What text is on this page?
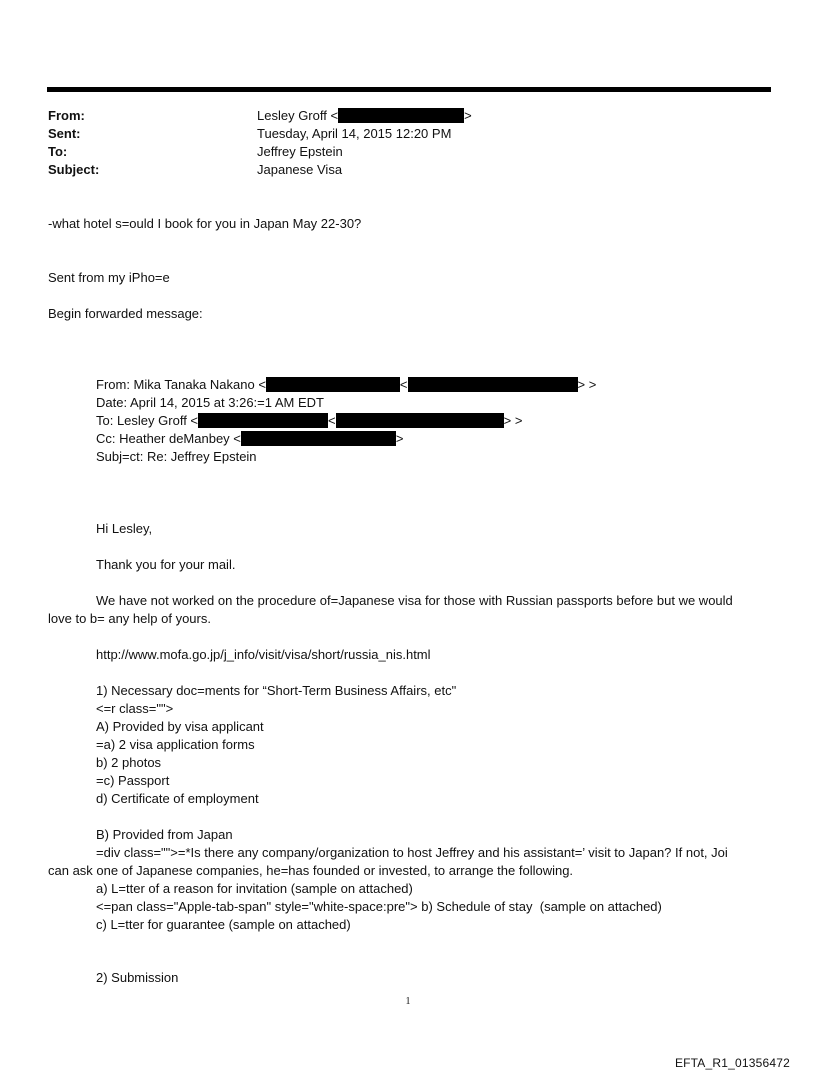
From:	Lesley Groff <	>
Sent:	Tuesday, April 14, 2015 12:20 PM
To:	Jeffrey Epstein
Subject:	Japanese Visa
-what hotel s=ould I book for you in Japan May 22-30?
Sent from my iPho=e
Begin forwarded message:
From: Mika Tanaka Nakano <	<	> >
Date: April 14, 2015 at 3:26:=1 AM EDT
To: Lesley Groff <	<	> >
Cc: Heather deManbey <	>
Subj=ct: Re: Jeffrey Epstein
Hi Lesley,
Thank you for your mail.
We have not worked on the procedure of=Japanese visa for those with Russian passports before but we would
love to b= any help of yours.
http://www.mofa.go.jp/j_info/visit/visa/short/russia_nis.html
1) Necessary doc=ments for “Short-Term Business Affairs, etc"
<=r class="">
A) Provided by visa applicant
=a) 2 visa application forms
b) 2 photos
=c) Passport
d) Certificate of employment
B) Provided from Japan
=div class="">=*Is there any company/organization to host Jeffrey and his assistant=’ visit to Japan? If not, Joi
can ask one of Japanese companies, he=has founded or invested, to arrange the following.
a) L=tter of a reason for invitation (sample on attached)
<=pan class="Apple-tab-span" style="white-space:pre"> b) Schedule of stay  (sample on attached)
c) L=tter for guarantee (sample on attached)
2) Submission
1
EFTA_R1_01356472
